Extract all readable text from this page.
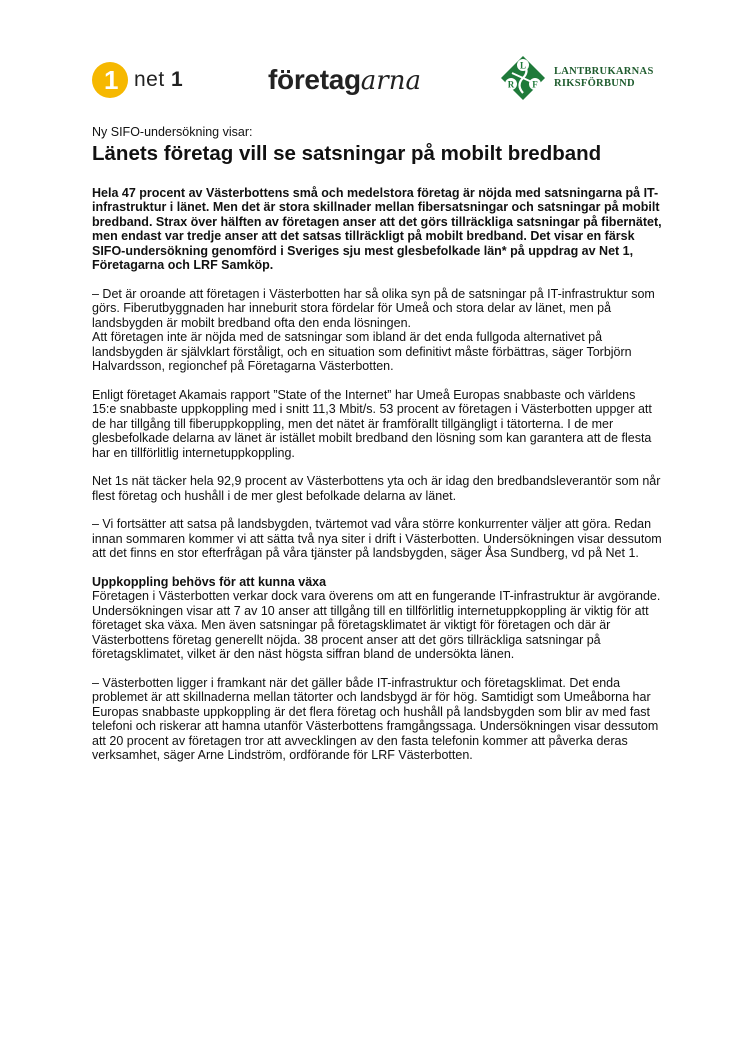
1 net 1	företagarna
L
R F
LANTBRUKARNAS
RIKSFÖRBUND
Ny SIFO-undersökning visar:
Länets företag vill se satsningar på mobilt bredband

Hela 47 procent av Västerbottens små och medelstora företag är nöjda med satsningarna på IT-infrastruktur i länet. Men det är stora skillnader mellan fibersatsningar och satsningar på mobilt bredband. Strax över hälften av företagen anser att det görs tillräckliga satsningar på fibernätet, men endast var tredje anser att det satsas tillräckligt på mobilt bredband. Det visar en färsk SIFO-undersökning genomförd i Sveriges sju mest glesbefolkade län* på uppdrag av Net 1, Företagarna och LRF Samköp.

– Det är oroande att företagen i Västerbotten har så olika syn på de satsningar på IT-infrastruktur som görs. Fiberutbyggnaden har inneburit stora fördelar för Umeå och stora delar av länet, men på landsbygden är mobilt bredband ofta den enda lösningen.
Att företagen inte är nöjda med de satsningar som ibland är det enda fullgoda alternativet på landsbygden är självklart förståligt, och en situation som definitivt måste förbättras, säger Torbjörn Halvardsson, regionchef på Företagarna Västerbotten.

Enligt företaget Akamais rapport ”State of the Internet” har Umeå Europas snabbaste och världens 15:e snabbaste uppkoppling med i snitt 11,3 Mbit/s. 53 procent av företagen i Västerbotten uppger att de har tillgång till fiberuppkoppling, men det nätet är framförallt tillgängligt i tätorterna. I de mer glesbefolkade delarna av länet är istället mobilt bredband den lösning som kan garantera att de flesta har en tillförlitlig internetuppkoppling.

Net 1s nät täcker hela 92,9 procent av Västerbottens yta och är idag den bredbandsleverantör som når flest företag och hushåll i de mer glest befolkade delarna av länet.

– Vi fortsätter att satsa på landsbygden, tvärtemot vad våra större konkurrenter väljer att göra. Redan innan sommaren kommer vi att sätta två nya siter i drift i Västerbotten. Undersökningen visar dessutom att det finns en stor efterfrågan på våra tjänster på landsbygden, säger Åsa Sundberg, vd på Net 1.

Uppkoppling behövs för att kunna växa
Företagen i Västerbotten verkar dock vara överens om att en fungerande IT-infrastruktur är avgörande. Undersökningen visar att 7 av 10 anser att tillgång till en tillförlitlig internetuppkoppling är viktig för att företaget ska växa. Men även satsningar på företagsklimatet är viktigt för företagen och där är Västerbottens företag generellt nöjda. 38 procent anser att det görs tillräckliga satsningar på företagsklimatet, vilket är den näst högsta siffran bland de undersökta länen.

– Västerbotten ligger i framkant när det gäller både IT-infrastruktur och företagsklimat. Det enda problemet är att skillnaderna mellan tätorter och landsbygd är för hög. Samtidigt som Umeåborna har Europas snabbaste uppkoppling är det flera företag och hushåll på landsbygden som blir av med fast telefoni och riskerar att hamna utanför Västerbottens framgångssaga. Undersökningen visar dessutom att 20 procent av företagen tror att avvecklingen av den fasta telefonin kommer att påverka deras verksamhet, säger Arne Lindström, ordförande för LRF Västerbotten.
